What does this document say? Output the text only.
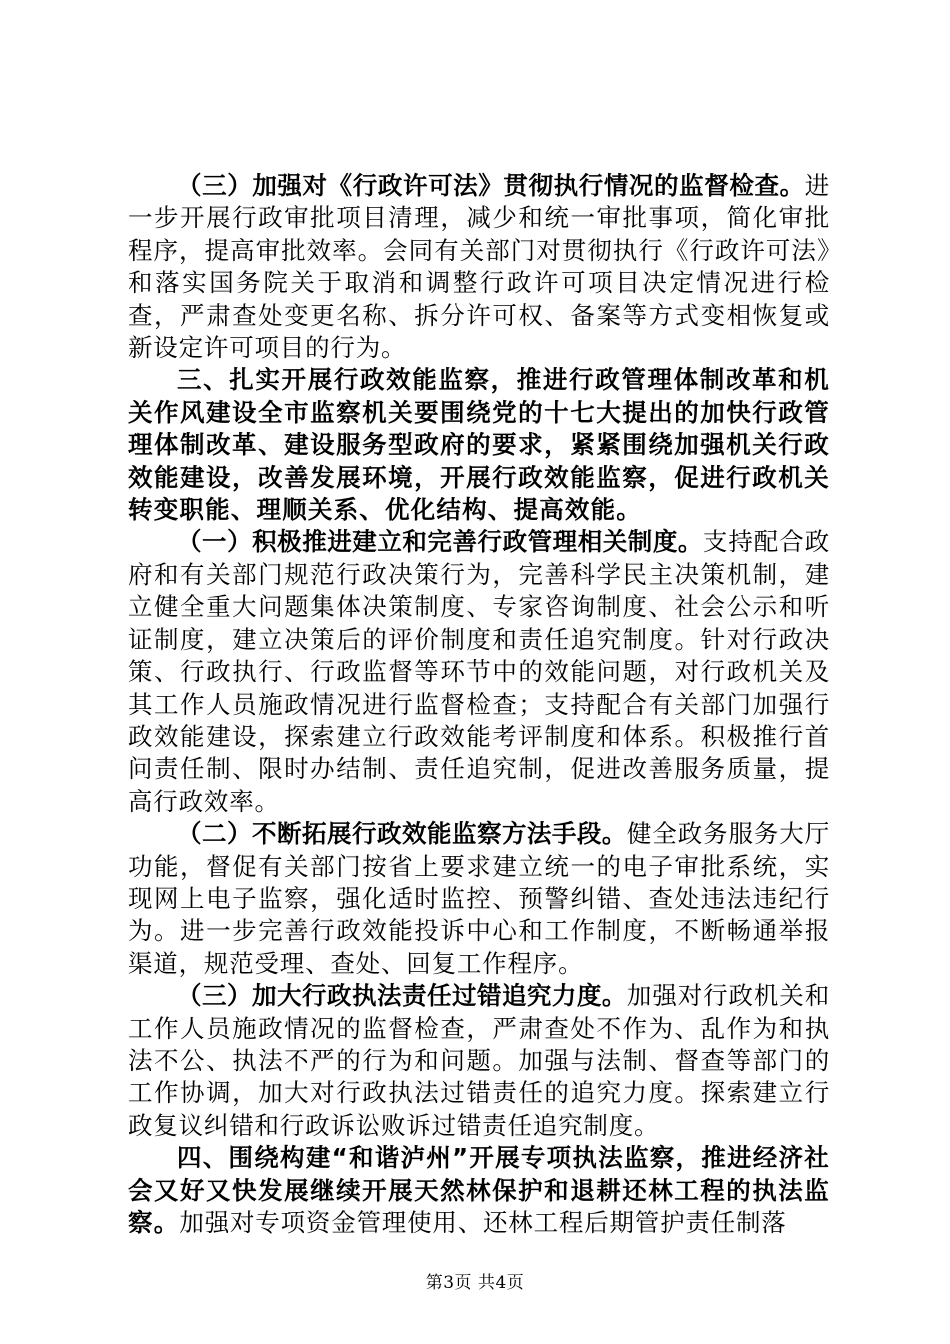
（三）加强对《行政许可法》贯彻执行情况的监督检查。进一步开展行政审批项目清理，减少和统一审批事项，简化审批程序，提高审批效率。会同有关部门对贯彻执行《行政许可法》和落实国务院关于取消和调整行政许可项目决定情况进行检查，严肃查处变更名称、拆分许可权、备案等方式变相恢复或新设定许可项目的行为。

三、扎实开展行政效能监察，推进行政管理体制改革和机关作风建设全市监察机关要围绕党的十七大提出的加快行政管理体制改革、建设服务型政府的要求，紧紧围绕加强机关行政效能建设，改善发展环境，开展行政效能监察，促进行政机关转变职能、理顺关系、优化结构、提高效能。

（一）积极推进建立和完善行政管理相关制度。支持配合政府和有关部门规范行政决策行为，完善科学民主决策机制，建立健全重大问题集体决策制度、专家咨询制度、社会公示和听证制度，建立决策后的评价制度和责任追究制度。针对行政决策、行政执行、行政监督等环节中的效能问题，对行政机关及其工作人员施政情况进行监督检查；支持配合有关部门加强行政效能建设，探索建立行政效能考评制度和体系。积极推行首问责任制、限时办结制、责任追究制，促进改善服务质量，提高行政效率。

（二）不断拓展行政效能监察方法手段。健全政务服务大厅功能，督促有关部门按省上要求建立统一的电子审批系统，实现网上电子监察，强化适时监控、预警纠错、查处违法违纪行为。进一步完善行政效能投诉中心和工作制度，不断畅通举报渠道，规范受理、查处、回复工作程序。

（三）加大行政执法责任过错追究力度。加强对行政机关和工作人员施政情况的监督检查，严肃查处不作为、乱作为和执法不公、执法不严的行为和问题。加强与法制、督查等部门的工作协调，加大对行政执法过错责任的追究力度。探索建立行政复议纠错和行政诉讼败诉过错责任追究制度。

四、围绕构建“和谐泸州”开展专项执法监察，推进经济社会又好又快发展继续开展天然林保护和退耕还林工程的执法监察。加强对专项资金管理使用、还林工程后期管护责任制落

第3页 共4页
